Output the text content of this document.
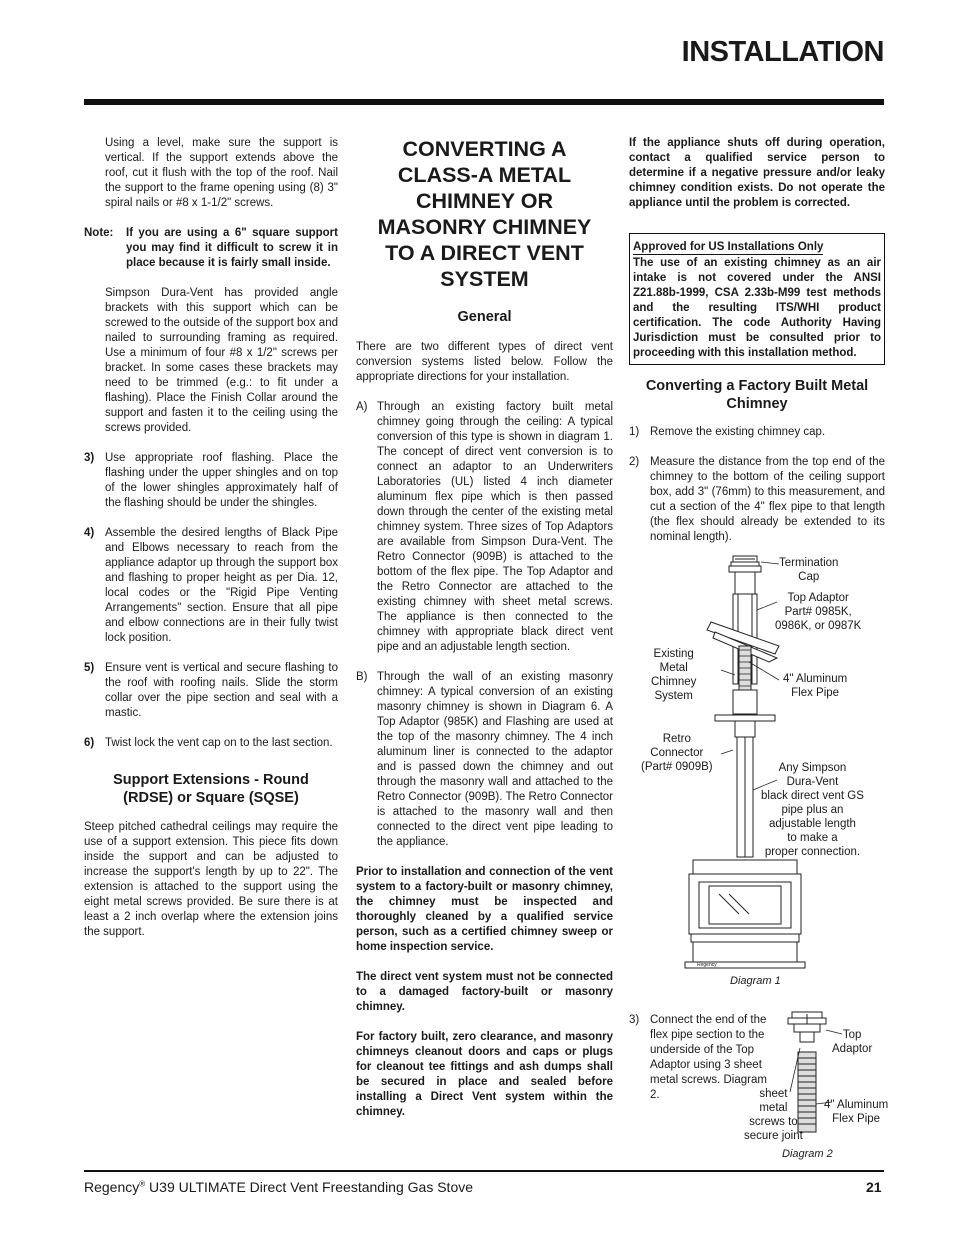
INSTALLATION

Using a level, make sure the support is vertical. If the support extends above the roof, cut it flush with the top of the roof. Nail the support to the frame opening using (8) 3" spiral nails or #8 x 1-1/2" screws.

Note: If you are using a 6" square support you may find it difficult to screw it in place because it is fairly small inside.

Simpson Dura-Vent has provided angle brackets with this support which can be screwed to the outside of the support box and nailed to surrounding framing as required. Use a minimum of four #8 x 1/2" screws per bracket. In some cases these brackets may need to be trimmed (e.g.: to fit under a flashing). Place the Finish Collar around the support and fasten it to the ceiling using the screws provided.

3) Use appropriate roof flashing. Place the flashing under the upper shingles and on top of the lower shingles approximately half of the flashing should be under the shingles.

4) Assemble the desired lengths of Black Pipe and Elbows necessary to reach from the appliance adaptor up through the support box and flashing to proper height as per Dia. 12, local codes or the "Rigid Pipe Venting Arrangements" section. Ensure that all pipe and elbow connections are in their fully twist lock position.

5) Ensure vent is vertical and secure flashing to the roof with roofing nails. Slide the storm collar over the pipe section and seal with a mastic.

6) Twist lock the vent cap on to the last section.

Support Extensions - Round (RDSE) or Square (SQSE)

Steep pitched cathedral ceilings may require the use of a support extension. This piece fits down inside the support and can be adjusted to increase the support's length by up to 22". The extension is attached to the support using the eight metal screws provided. Be sure there is at least a 2 inch overlap where the extension joins the support.

CONVERTING A CLASS-A METAL CHIMNEY OR MASONRY CHIMNEY TO A DIRECT VENT SYSTEM
General

There are two different types of direct vent conversion systems listed below. Follow the appropriate directions for your installation.

A) Through an existing factory built metal chimney going through the ceiling: A typical conversion of this type is shown in diagram 1. The concept of direct vent conversion is to connect an adaptor to an Underwriters Laboratories (UL) listed 4 inch diameter aluminum flex pipe which is then passed down through the center of the existing metal chimney system. Three sizes of Top Adaptors are available from Simpson Dura-Vent. The Retro Connector (909B) is attached to the bottom of the flex pipe. The Top Adaptor and the Retro Connector are attached to the existing chimney with sheet metal screws. The appliance is then connected to the chimney with appropriate black direct vent pipe and an adjustable length section.

B) Through the wall of an existing masonry chimney: A typical conversion of an existing masonry chimney is shown in Diagram 6. A Top Adaptor (985K) and Flashing are used at the top of the masonry chimney. The 4 inch aluminum liner is connected to the adaptor and is passed down the chimney and out through the masonry wall and attached to the Retro Connector (909B). The Retro Connector is attached to the masonry wall and then connected to the direct vent pipe leading to the appliance.

Prior to installation and connection of the vent system to a factory-built or masonry chimney, the chimney must be inspected and thoroughly cleaned by a qualified service person, such as a certified chimney sweep or home inspection service.

The direct vent system must not be connected to a damaged factory-built or masonry chimney.

For factory built, zero clearance, and masonry chimneys cleanout doors and caps or plugs for cleanout tee fittings and ash dumps shall be secured in place and sealed before installing a Direct Vent system within the chimney.

If the appliance shuts off during operation, contact a qualified service person to determine if a negative pressure and/or leaky chimney condition exists. Do not operate the appliance until the problem is corrected.

Approved for US Installations Only

The use of an existing chimney as an air intake is not covered under the ANSI Z21.88b-1999, CSA 2.33b-M99 test methods and the resulting ITS/WHI product certification. The code Authority Having Jurisdiction must be consulted prior to proceeding with this installation method.

Converting a Factory Built Metal Chimney
1) Remove the existing chimney cap.

2) Measure the distance from the top end of the chimney to the bottom of the ceiling support box, add 3" (76mm) to this measurement, and cut a section of the 4" flex pipe to that length (the flex should already be extended to its nominal length).

Termination
Cap
Top Adaptor
Part# 0985K,
0986K, or 0987K
Existing
Metal
Chimney
System
4" Aluminum
Flex Pipe
Retro
Connector
(Part# 0909B)	Any Simpson
Dura-Vent
black direct vent GS
pipe plus an
adjustable length
to make a
proper connection.
Regency
Diagram 1
3) Connect the end of the flex pipe section to the underside of the Top Adaptor using 3 sheet metal screws. Diagram 2.

Top
Adaptor
sheet
metal
screws to
secure joint
4" Aluminum
Flex Pipe
Diagram 2
Regency® U39 ULTIMATE Direct Vent Freestanding Gas Stove	21
